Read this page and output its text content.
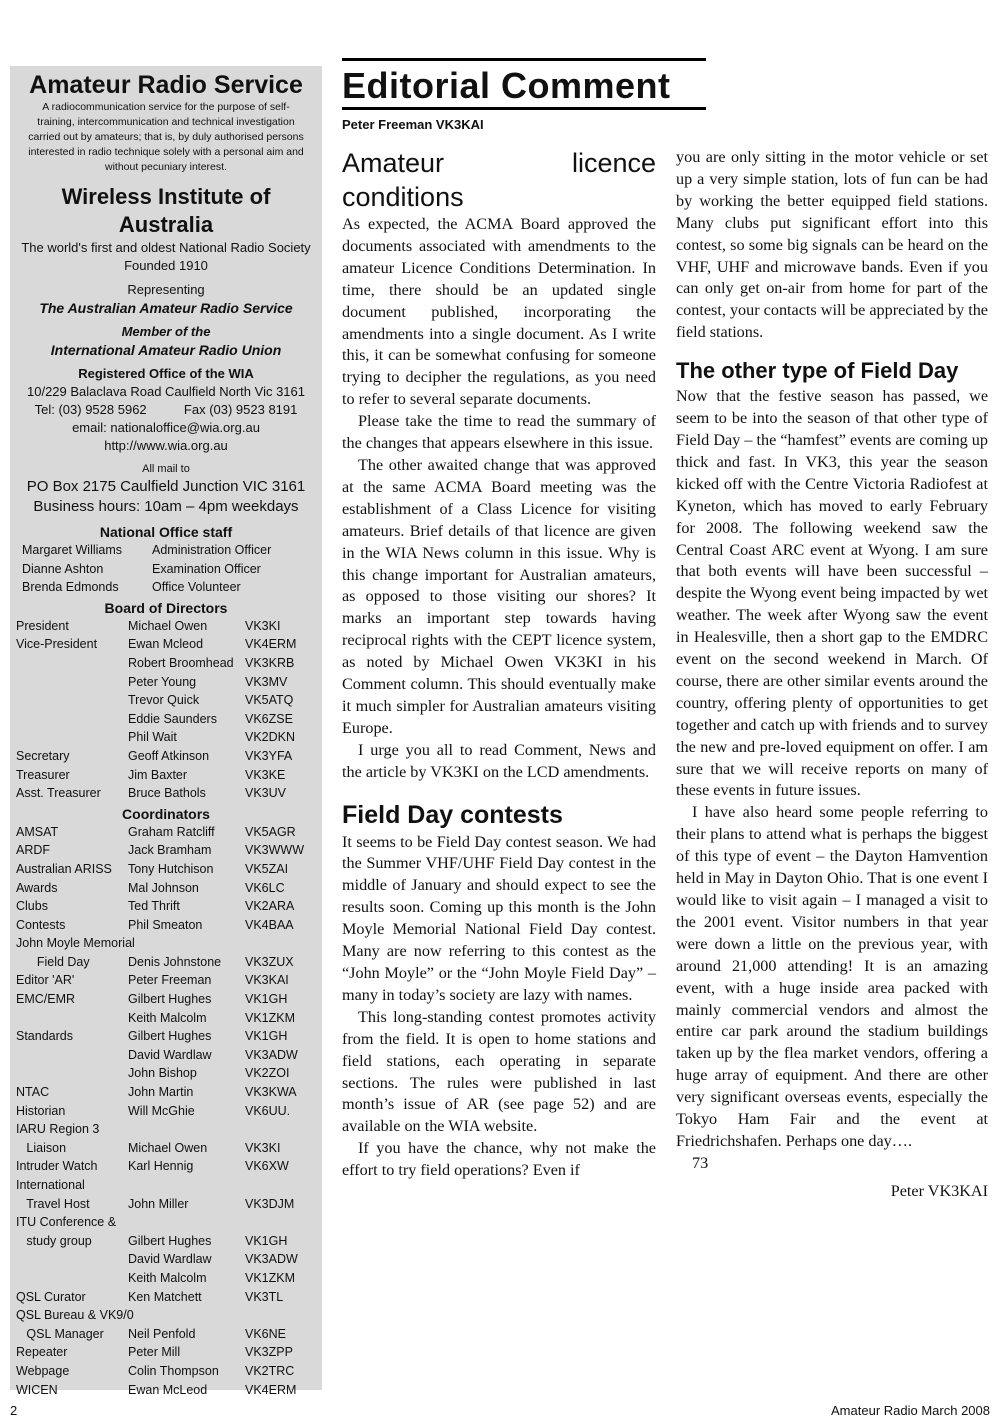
Amateur Radio Service
A radiocommunication service for the purpose of self-training, intercommunication and technical investigation carried out by amateurs; that is, by duly authorised persons interested in radio technique solely with a personal aim and without pecuniary interest.
Wireless Institute of Australia
The world's first and oldest National Radio Society
Founded 1910
Representing
The Australian Amateur Radio Service
Member of the
International Amateur Radio Union
Registered Office of the WIA
10/229 Balaclava Road Caulfield North Vic 3161
Tel: (03) 9528 5962	Fax (03) 9523 8191
email: nationaloffice@wia.org.au
http://www.wia.org.au
All mail to
PO Box 2175 Caulfield Junction VIC 3161
Business hours: 10am – 4pm weekdays
National Office staff
Margaret Williams	Administration Officer
Dianne Ashton	Examination Officer
Brenda Edmonds	Office Volunteer
Board of Directors
President	Michael Owen	VK3KI
Vice-President	Ewan Mcleod	VK4ERM
Robert Broomhead VK3KRB
Peter Young	VK3MV
Trevor Quick	VK5ATQ
Eddie Saunders	VK6ZSE
Phil Wait	VK2DKN
Secretary	Geoff Atkinson	VK3YFA
Treasurer	Jim Baxter	VK3KE
Asst. Treasurer	Bruce Bathols	VK3UV
Coordinators
AMSAT	Graham Ratcliff	VK5AGR
ARDF	Jack Bramham	VK3WWW
Australian ARISS	Tony Hutchison	VK5ZAI
Awards	Mal Johnson	VK6LC
Clubs	Ted Thrift	VK2ARA
Contests	Phil Smeaton	VK4BAA
John Moyle Memorial
Field Day	Denis Johnstone	VK3ZUX
Editor 'AR'	Peter Freeman	VK3KAI
EMC/EMR	Gilbert Hughes	VK1GH
Keith Malcolm	VK1ZKM
Standards	Gilbert Hughes	VK1GH
David Wardlaw	VK3ADW
John Bishop	VK2ZOI
NTAC	John Martin	VK3KWA
Historian	Will McGhie	VK6UU.
IARU Region 3
Liaison	Michael Owen	VK3KI
Intruder Watch	Karl Hennig	VK6XW
International
Travel Host	John Miller	VK3DJM
ITU Conference &
study group	Gilbert Hughes	VK1GH
David Wardlaw	VK3ADW
Keith Malcolm	VK1ZKM
QSL Curator	Ken Matchett	VK3TL
QSL Bureau & VK9/0
QSL Manager	Neil Penfold	VK6NE
Repeater	Peter Mill	VK3ZPP
Webpage	Colin Thompson	VK2TRC
WICEN	Ewan McLeod	VK4ERM
Editorial Comment
Peter Freeman VK3KAI
Amateur licence conditions

As expected, the ACMA Board approved the documents associated with amendments to the amateur Licence Conditions Determination. In time, there should be an updated single document published, incorporating the amendments into a single document. As I write this, it can be somewhat confusing for someone trying to decipher the regulations, as you need to refer to several separate documents.

Please take the time to read the summary of the changes that appears elsewhere in this issue.

The other awaited change that was approved at the same ACMA Board meeting was the establishment of a Class Licence for visiting amateurs. Brief details of that licence are given in the WIA News column in this issue. Why is this change important for Australian amateurs, as opposed to those visiting our shores? It marks an important step towards having reciprocal rights with the CEPT licence system, as noted by Michael Owen VK3KI in his Comment column. This should eventually make it much simpler for Australian amateurs visiting Europe.

I urge you all to read Comment, News and the article by VK3KI on the LCD amendments.

Field Day contests

It seems to be Field Day contest season. We had the Summer VHF/UHF Field Day contest in the middle of January and should expect to see the results soon. Coming up this month is the John Moyle Memorial National Field Day contest. Many are now referring to this contest as the “John Moyle” or the “John Moyle Field Day” – many in today’s society are lazy with names.

This long-standing contest promotes activity from the field. It is open to home stations and field stations, each operating in separate sections. The rules were published in last month’s issue of AR (see page 52) and are available on the WIA website.

If you have the chance, why not make the effort to try field operations? Even if

you are only sitting in the motor vehicle or set up a very simple station, lots of fun can be had by working the better equipped field stations. Many clubs put significant effort into this contest, so some big signals can be heard on the VHF, UHF and microwave bands. Even if you can only get on-air from home for part of the contest, your contacts will be appreciated by the field stations.

The other type of Field Day

Now that the festive season has passed, we seem to be into the season of that other type of Field Day – the “hamfest” events are coming up thick and fast. In VK3, this year the season kicked off with the Centre Victoria Radiofest at Kyneton, which has moved to early February for 2008. The following weekend saw the Central Coast ARC event at Wyong. I am sure that both events will have been successful – despite the Wyong event being impacted by wet weather. The week after Wyong saw the event in Healesville, then a short gap to the EMDRC event on the second weekend in March. Of course, there are other similar events around the country, offering plenty of opportunities to get together and catch up with friends and to survey the new and pre-loved equipment on offer. I am sure that we will receive reports on many of these events in future issues.

I have also heard some people referring to their plans to attend what is perhaps the biggest of this type of event – the Dayton Hamvention held in May in Dayton Ohio. That is one event I would like to visit again – I managed a visit to the 2001 event. Visitor numbers in that year were down a little on the previous year, with around 21,000 attending! It is an amazing event, with a huge inside area packed with mainly commercial vendors and almost the entire car park around the stadium buildings taken up by the flea market vendors, offering a huge array of equipment. And there are other very significant overseas events, especially the Tokyo Ham Fair and the event at Friedrichshafen. Perhaps one day….

73

Peter VK3KAI
2	Amateur Radio March 2008
